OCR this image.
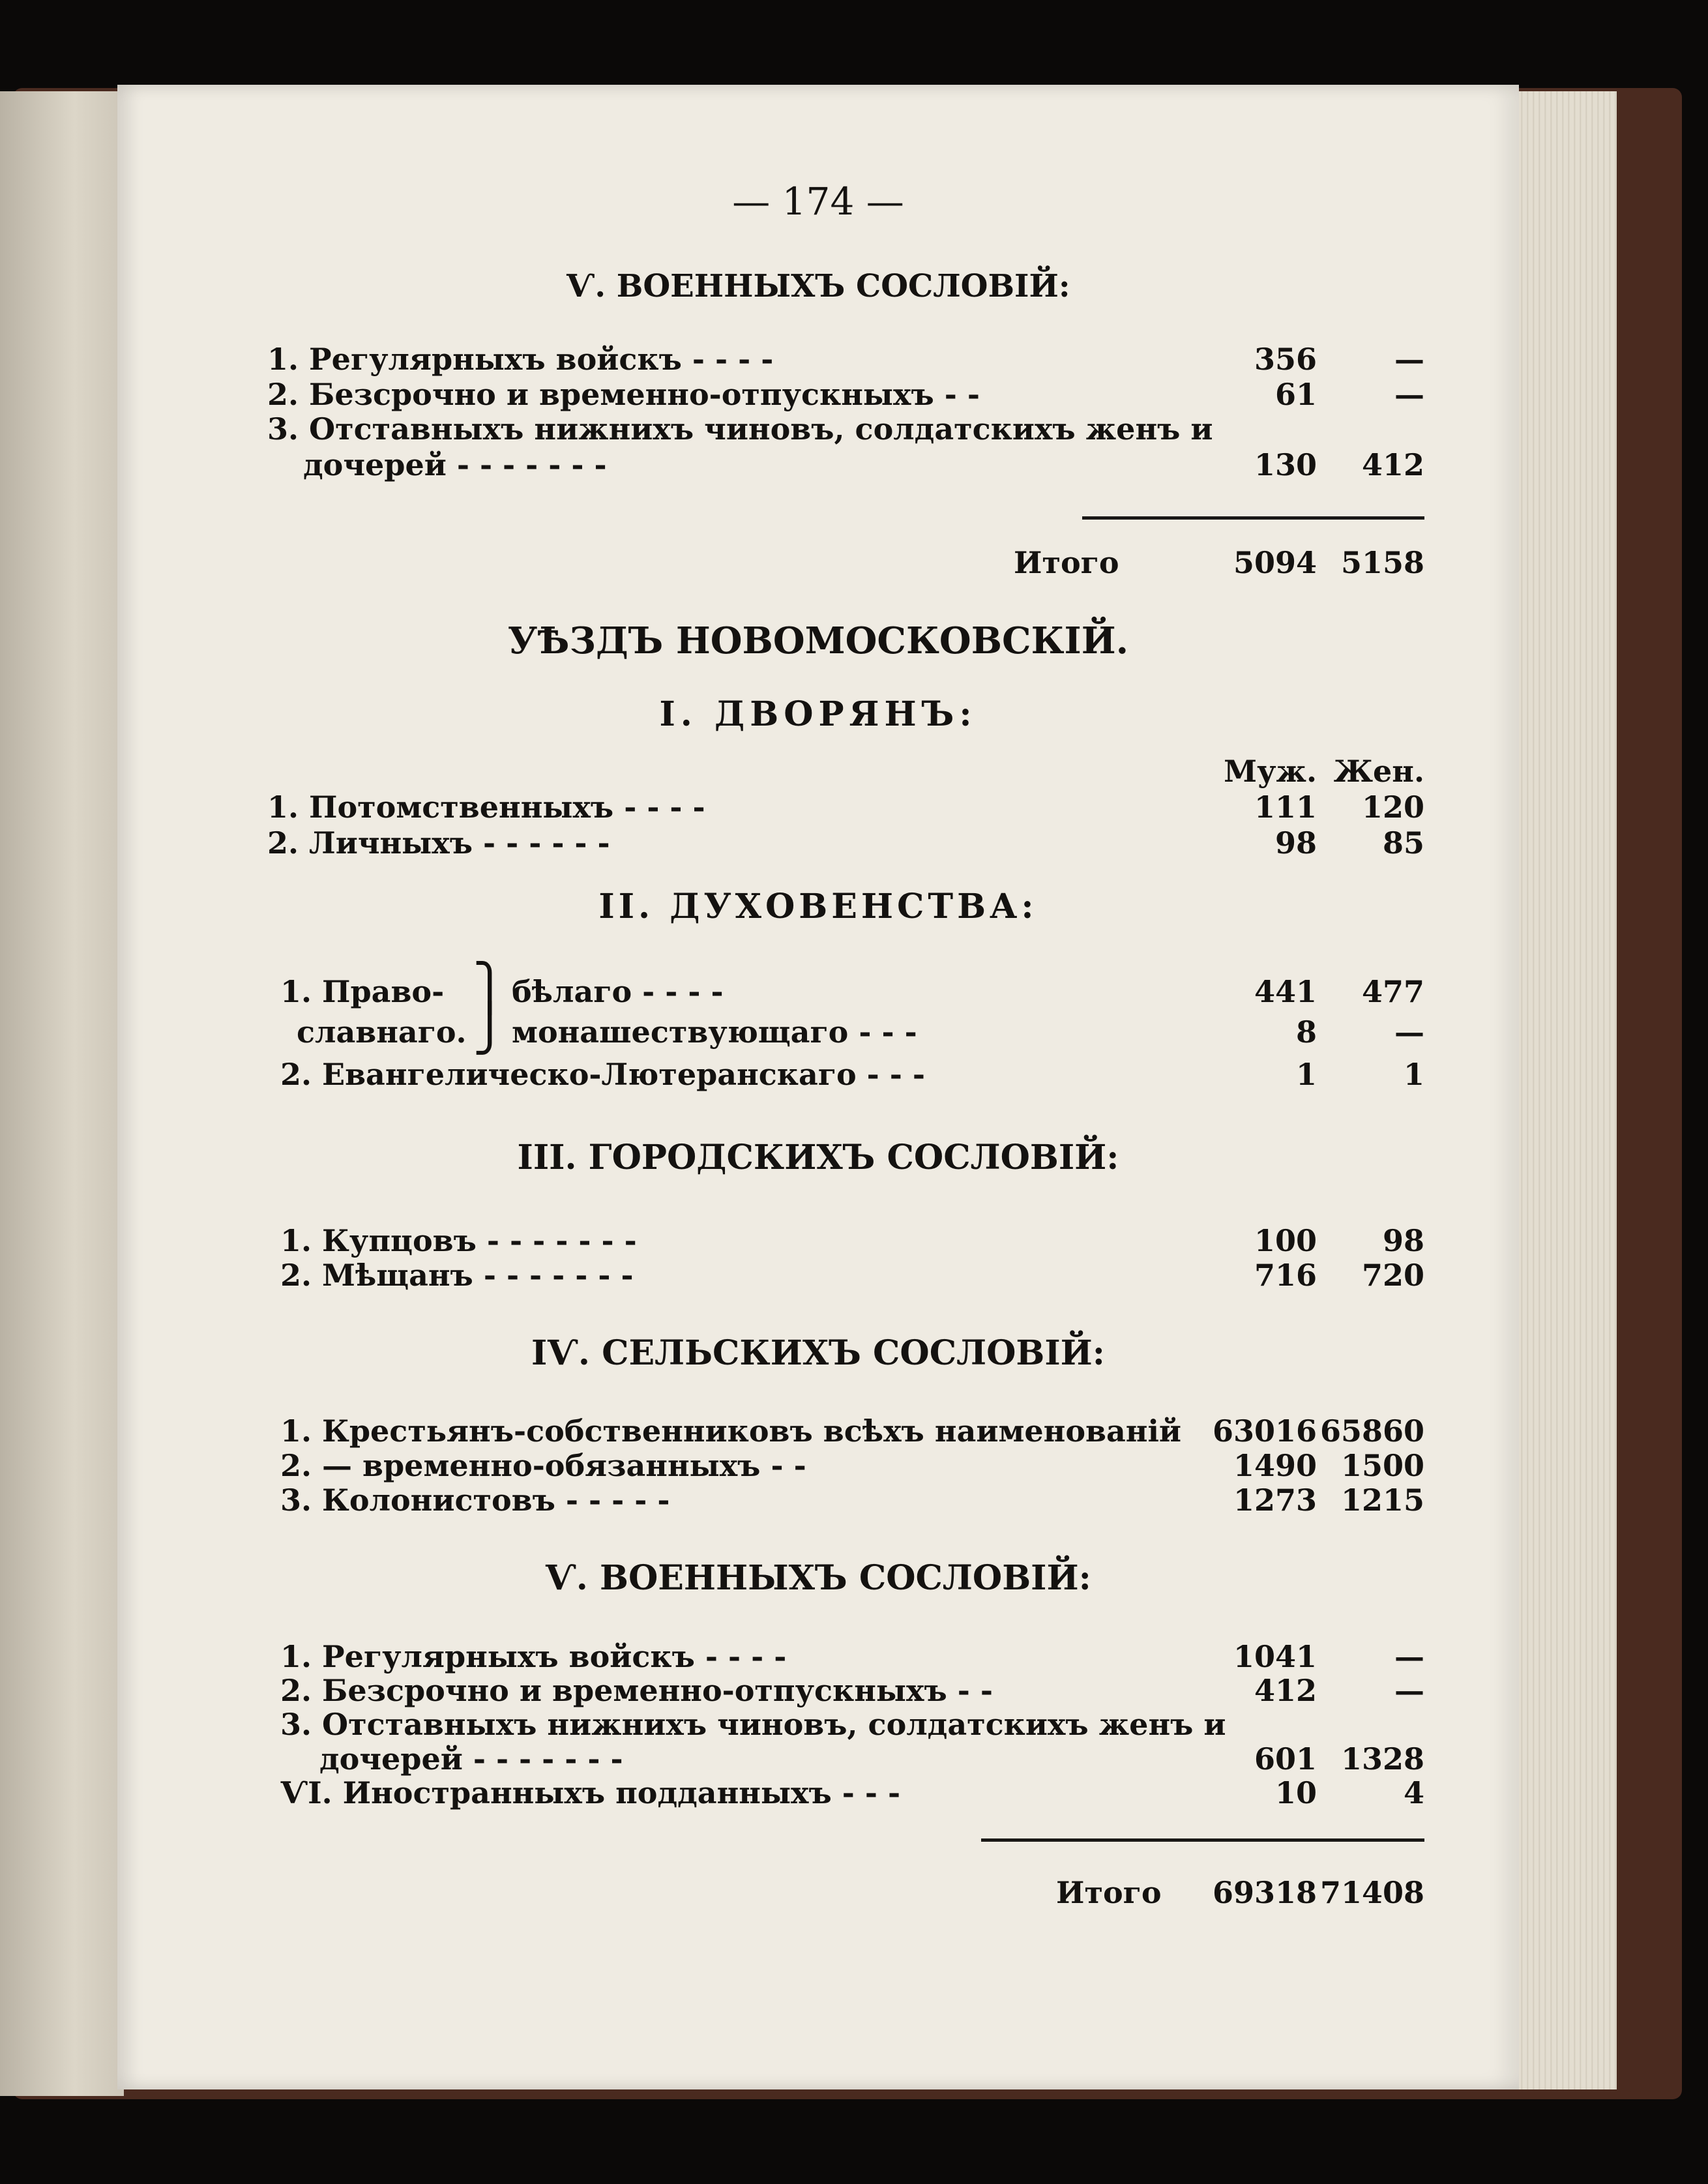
— 174 —
Ѵ. ВОЕННЫХЪ СОСЛОВІЙ:
1. Регулярныхъ войскъ - - - -	356	—
2. Безсрочно и временно-отпускныхъ - -	61	—
3. Отставныхъ нижнихъ чиновъ, солдатскихъ женъ и
дочерей - - - - - - -	130 412
Итого	5094 5158
УѢЗДЪ НОВОМОСКОВСКІЙ.
I. ДВОРЯНЪ:
Муж. Жен.
1. Потомственныхъ - - - -	111 120
2. Личныхъ - - - - - -	98 85
II. ДУХОВЕНСТВА:
1. Право-
славнаго.
⎫
⎭
бѣлаго - - - -	441 477
монашествующаго - - -	8	—
2. Евангелическо-Лютеранскаго - - -	1	1
III. ГОРОДСКИХЪ СОСЛОВІЙ:
1. Купцовъ - - - - - - -	100 98
2. Мѣщанъ - - - - - - -	716 720
IѴ. СЕЛЬСКИХЪ СОСЛОВІЙ:
1. Крестьянъ-собственниковъ всѣхъ наименованій 63016 65860
2. — временно-обязанныхъ - -	1490 1500
3. Колонистовъ - - - - -	1273 1215
Ѵ. ВОЕННЫХЪ СОСЛОВІЙ:
1. Регулярныхъ войскъ - - - -	1041	—
2. Безсрочно и временно-отпускныхъ - -	412	—
3. Отставныхъ нижнихъ чиновъ, солдатскихъ женъ и
дочерей - - - - - - -	601 1328
ѴI. Иностранныхъ подданныхъ - - -	10	4
Итого 69318 71408
